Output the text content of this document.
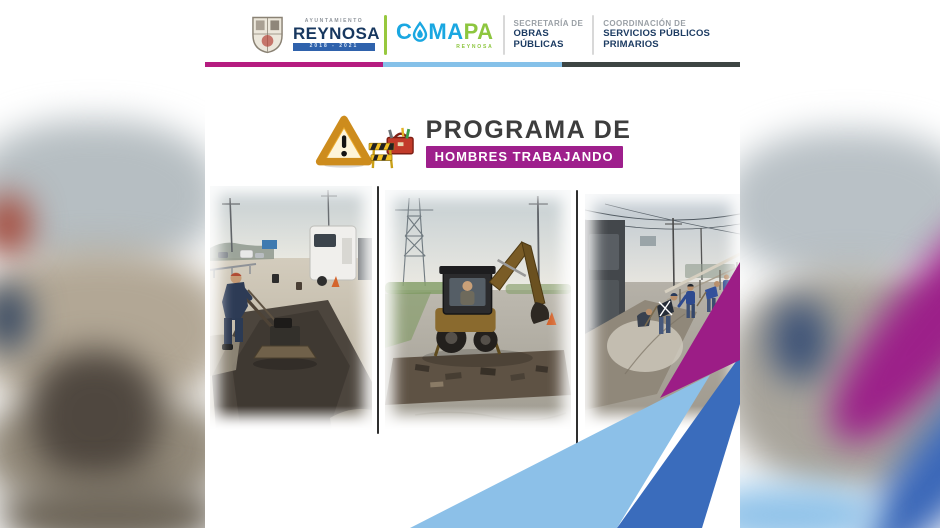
AYUNTAMIENTO
REYNOSA
2018 - 2021
C MA PA
REYNOSA
SECRETARÍA DE
OBRAS
PÚBLICAS
COORDINACIÓN DE
SERVICIOS PÚBLICOS
PRIMARIOS
PROGRAMA DE
HOMBRES TRABAJANDO
